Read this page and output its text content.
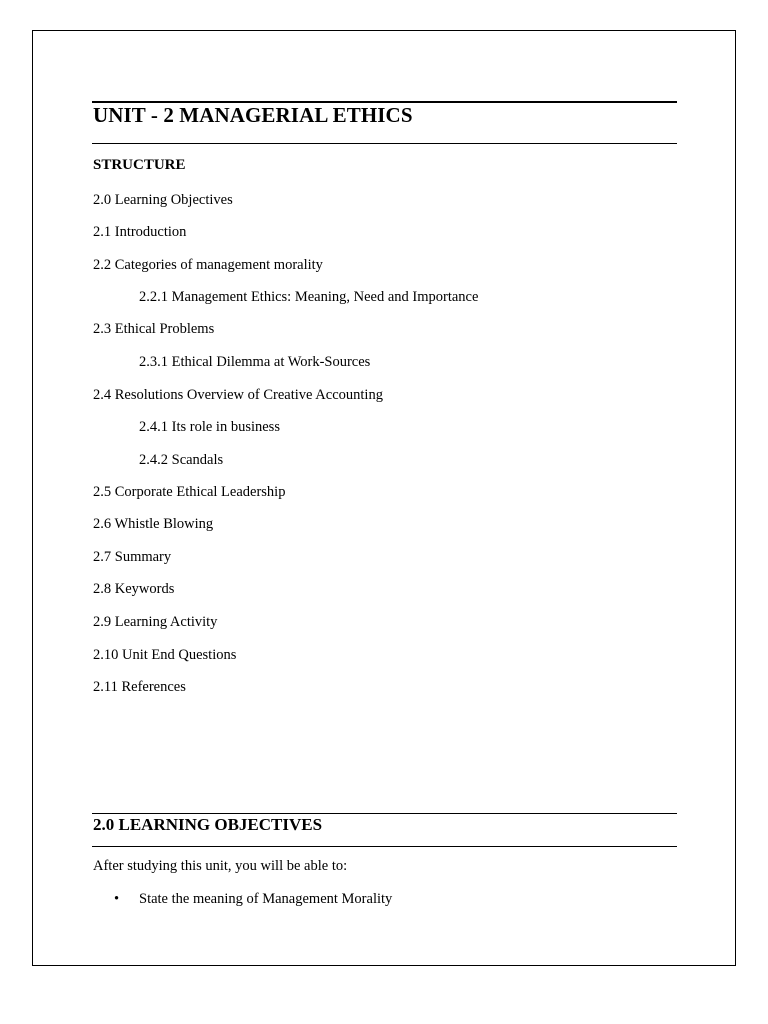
UNIT - 2 MANAGERIAL ETHICS
STRUCTURE
2.0 Learning Objectives
2.1 Introduction
2.2 Categories of management morality
2.2.1 Management Ethics: Meaning, Need and Importance
2.3 Ethical Problems
2.3.1 Ethical Dilemma at Work-Sources
2.4 Resolutions Overview of Creative Accounting
2.4.1 Its role in business
2.4.2 Scandals
2.5 Corporate Ethical Leadership
2.6 Whistle Blowing
2.7 Summary
2.8 Keywords
2.9 Learning Activity
2.10 Unit End Questions
2.11 References
2.0 LEARNING OBJECTIVES
After studying this unit, you will be able to:
• State the meaning of Management Morality
